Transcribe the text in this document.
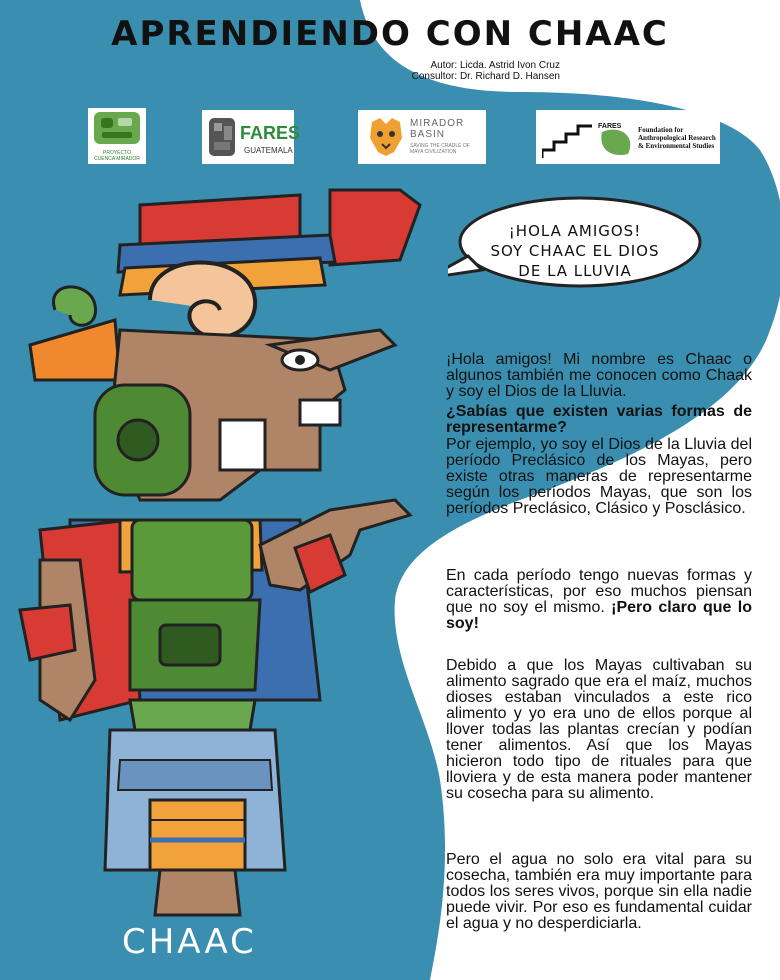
APRENDIENDO CON CHAAC
Autor: Licda. Astrid Ivon Cruz
Consultor: Dr. Richard D. Hansen
PROYECTO
CUENCA MIRADOR
FARES
GUATEMALA
MIRADOR BASIN
SAVING THE CRADLE OF MAYA CIVILIZATION
FARES Foundation for Anthropological Research & Environmental Studies
¡HOLA AMIGOS!
SOY CHAAC EL DIOS
DE LA LLUVIA
CHAAC
¡Hola amigos! Mi nombre es Chaac o algunos también me conocen como Chaak y soy el Dios de la Lluvia.
¿Sabías que existen varias formas de representarme?
Por ejemplo, yo soy el Dios de la Lluvia del período Preclásico de los Mayas, pero existe otras maneras de representarme según los períodos Mayas, que son los períodos Preclásico, Clásico y Posclásico.
En cada período tengo nuevas formas y características, por eso muchos piensan que no soy el mismo. ¡Pero claro que lo soy!
Debido a que los Mayas cultivaban su alimento sagrado que era el maíz, muchos dioses estaban vinculados a este rico alimento y yo era uno de ellos porque al llover todas las plantas crecían y podían tener alimentos. Así que los Mayas hicieron todo tipo de rituales para que lloviera y de esta manera poder mantener su cosecha para su alimento.
Pero el agua no solo era vital para su cosecha, también era muy importante para todos los seres vivos, porque sin ella nadie puede vivir. Por eso es fundamental cuidar el agua y no desperdiciarla.
